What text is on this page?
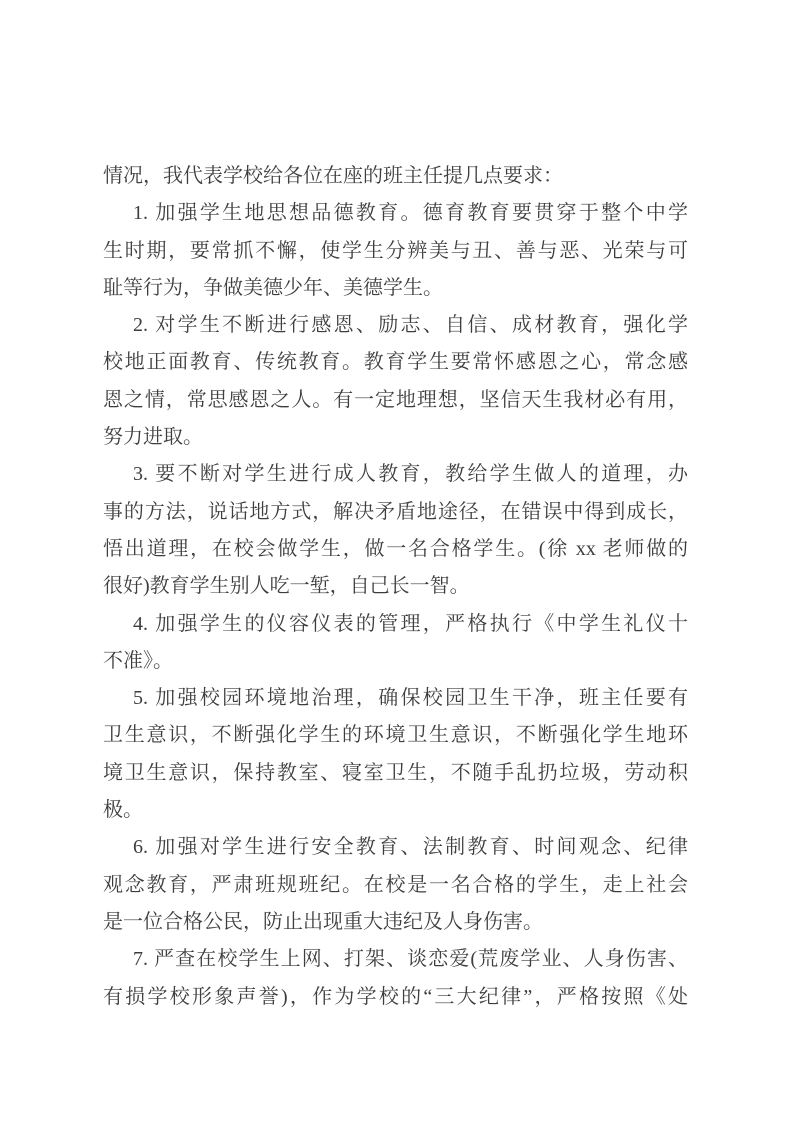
情况，我代表学校给各位在座的班主任提几点要求：
1. 加强学生地思想品德教育。德育教育要贯穿于整个中学
生时期，要常抓不懈，使学生分辨美与丑、善与恶、光荣与可
耻等行为，争做美德少年、美德学生。
2. 对学生不断进行感恩、励志、自信、成材教育，强化学
校地正面教育、传统教育。教育学生要常怀感恩之心，常念感
恩之情，常思感恩之人。有一定地理想，坚信天生我材必有用，
努力进取。
3. 要不断对学生进行成人教育，教给学生做人的道理，办
事的方法，说话地方式，解决矛盾地途径，在错误中得到成长，
悟出道理，在校会做学生，做一名合格学生。(徐 xx 老师做的
很好)教育学生别人吃一堑，自己长一智。
4. 加强学生的仪容仪表的管理，严格执行《中学生礼仪十
不准》。
5. 加强校园环境地治理，确保校园卫生干净，班主任要有
卫生意识，不断强化学生的环境卫生意识，不断强化学生地环
境卫生意识，保持教室、寝室卫生，不随手乱扔垃圾，劳动积
极。
6. 加强对学生进行安全教育、法制教育、时间观念、纪律
观念教育，严肃班规班纪。在校是一名合格的学生，走上社会
是一位合格公民，防止出现重大违纪及人身伤害。
7. 严查在校学生上网、打架、谈恋爱(荒废学业、人身伤害、
有损学校形象声誉)，作为学校的“三大纪律”，严格按照《处
